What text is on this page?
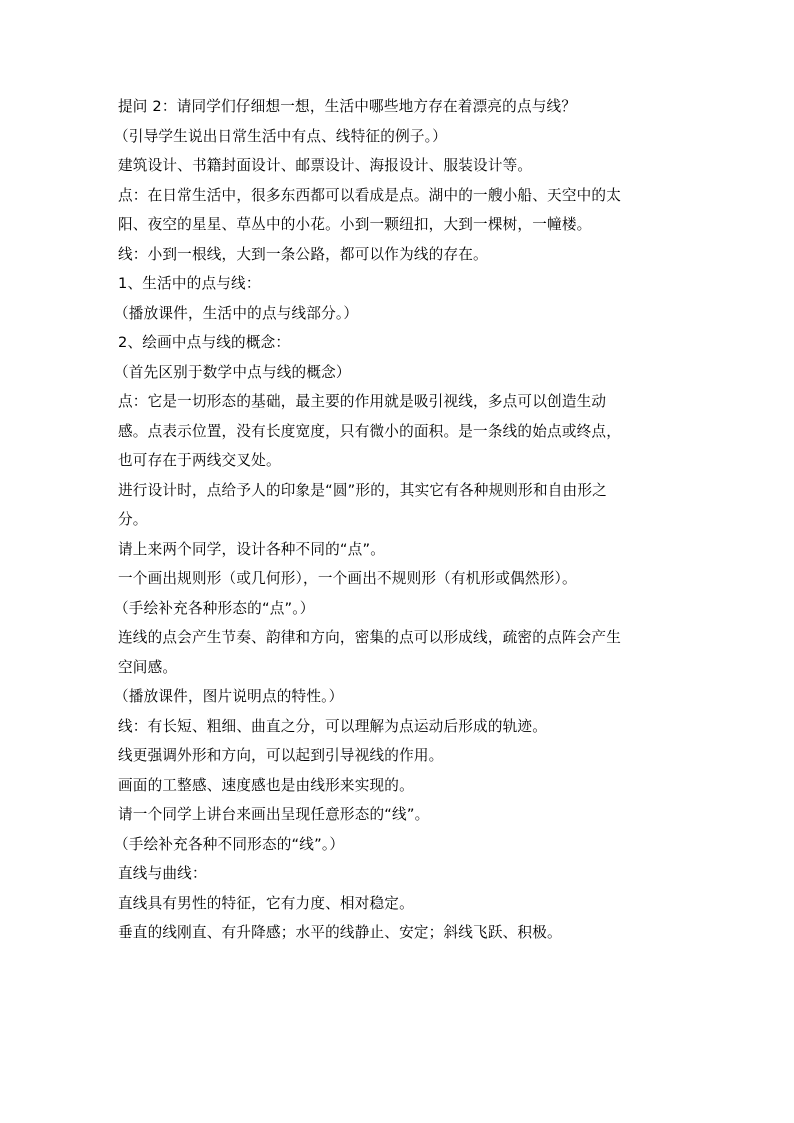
提问 2：请同学们仔细想一想，生活中哪些地方存在着漂亮的点与线？
（引导学生说出日常生活中有点、线特征的例子。）
建筑设计、书籍封面设计、邮票设计、海报设计、服装设计等。
点：在日常生活中，很多东西都可以看成是点。湖中的一艘小船、天空中的太
阳、夜空的星星、草丛中的小花。小到一颗纽扣，大到一棵树，一幢楼。
线：小到一根线，大到一条公路，都可以作为线的存在。
1、生活中的点与线：
（播放课件，生活中的点与线部分。）
2、绘画中点与线的概念：
（首先区别于数学中点与线的概念）
点：它是一切形态的基础，最主要的作用就是吸引视线，多点可以创造生动
感。点表示位置，没有长度宽度，只有微小的面积。是一条线的始点或终点，
也可存在于两线交叉处。
进行设计时，点给予人的印象是“圆”形的，其实它有各种规则形和自由形之
分。
请上来两个同学，设计各种不同的“点”。
一个画出规则形（或几何形），一个画出不规则形（有机形或偶然形）。
（手绘补充各种形态的“点”。）
连线的点会产生节奏、韵律和方向，密集的点可以形成线，疏密的点阵会产生
空间感。
（播放课件，图片说明点的特性。）
线：有长短、粗细、曲直之分，可以理解为点运动后形成的轨迹。
线更强调外形和方向，可以起到引导视线的作用。
画面的工整感、速度感也是由线形来实现的。
请一个同学上讲台来画出呈现任意形态的“线”。
（手绘补充各种不同形态的“线”。）
直线与曲线：
直线具有男性的特征，它有力度、相对稳定。
垂直的线刚直、有升降感；水平的线静止、安定；斜线飞跃、积极。
